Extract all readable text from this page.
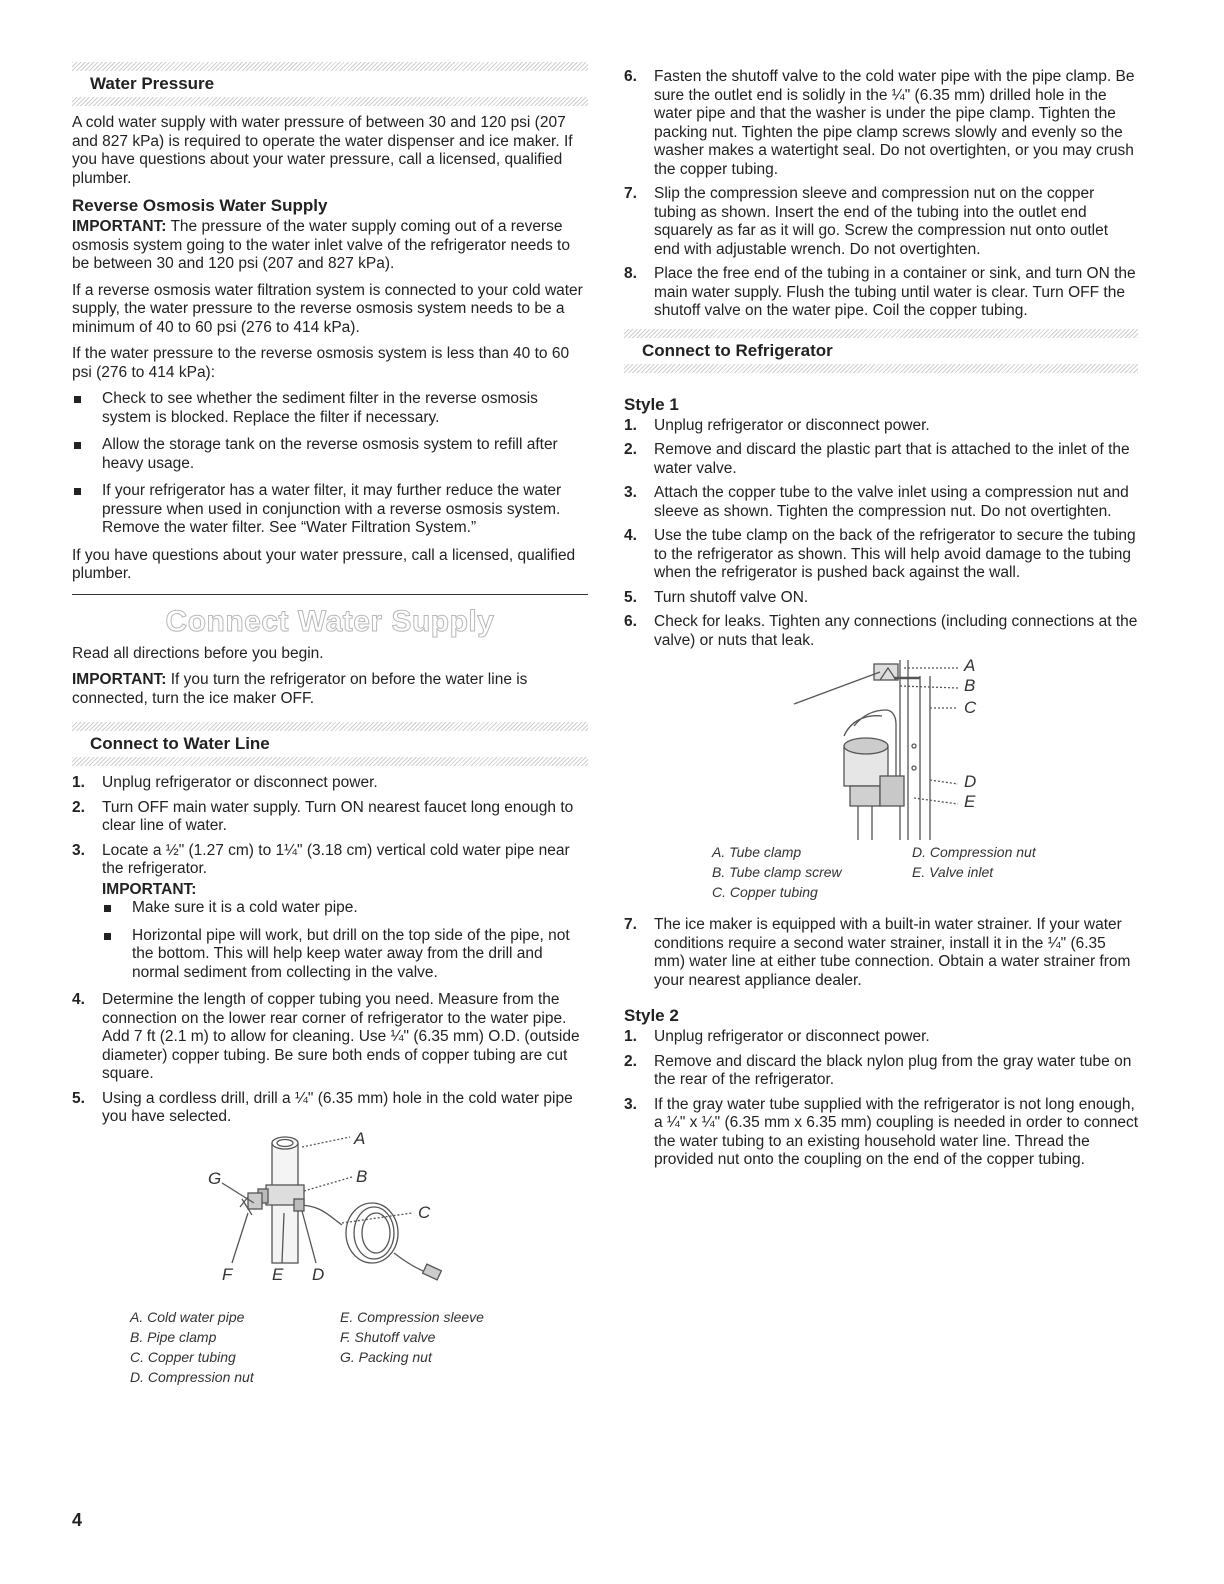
Water Pressure

A cold water supply with water pressure of between 30 and 120 psi (207 and 827 kPa) is required to operate the water dispenser and ice maker. If you have questions about your water pressure, call a licensed, qualified plumber.

Reverse Osmosis Water Supply

IMPORTANT: The pressure of the water supply coming out of a reverse osmosis system going to the water inlet valve of the refrigerator needs to be between 30 and 120 psi (207 and 827 kPa).

If a reverse osmosis water filtration system is connected to your cold water supply, the water pressure to the reverse osmosis system needs to be a minimum of 40 to 60 psi (276 to 414 kPa).

If the water pressure to the reverse osmosis system is less than 40 to 60 psi (276 to 414 kPa):

Check to see whether the sediment filter in the reverse osmosis system is blocked. Replace the filter if necessary.
Allow the storage tank on the reverse osmosis system to refill after heavy usage.
If your refrigerator has a water filter, it may further reduce the water pressure when used in conjunction with a reverse osmosis system. Remove the water filter. See “Water Filtration System.”

If you have questions about your water pressure, call a licensed, qualified plumber.

Connect Water Supply

Read all directions before you begin.

IMPORTANT: If you turn the refrigerator on before the water line is connected, turn the ice maker OFF.

Connect to Water Line
1. Unplug refrigerator or disconnect power.
2. Turn OFF main water supply. Turn ON nearest faucet long enough to clear line of water.
3. Locate a ½" (1.27 cm) to 1¼" (3.18 cm) vertical cold water pipe near the refrigerator.
IMPORTANT:
Make sure it is a cold water pipe.
Horizontal pipe will work, but drill on the top side of the pipe, not the bottom. This will help keep water away from the drill and normal sediment from collecting in the valve.
4. Determine the length of copper tubing you need. Measure from the connection on the lower rear corner of refrigerator to the water pipe. Add 7 ft (2.1 m) to allow for cleaning. Use ¼" (6.35 mm) O.D. (outside diameter) copper tubing. Be sure both ends of copper tubing are cut square.
5. Using a cordless drill, drill a ¼" (6.35 mm) hole in the cold water pipe you have selected.
A
B
C
G
F E D
A. Cold water pipe
B. Pipe clamp
C. Copper tubing
D. Compression nut
E. Compression sleeve
F. Shutoff valve
G. Packing nut
6. Fasten the shutoff valve to the cold water pipe with the pipe clamp. Be sure the outlet end is solidly in the ¼" (6.35 mm) drilled hole in the water pipe and that the washer is under the pipe clamp. Tighten the packing nut. Tighten the pipe clamp screws slowly and evenly so the washer makes a watertight seal. Do not overtighten, or you may crush the copper tubing.
7. Slip the compression sleeve and compression nut on the copper tubing as shown. Insert the end of the tubing into the outlet end squarely as far as it will go. Screw the compression nut onto outlet end with adjustable wrench. Do not overtighten.
8. Place the free end of the tubing in a container or sink, and turn ON the main water supply. Flush the tubing until water is clear. Turn OFF the shutoff valve on the water pipe. Coil the copper tubing.
Connect to Refrigerator
Style 1
1. Unplug refrigerator or disconnect power.
2. Remove and discard the plastic part that is attached to the inlet of the water valve.
3. Attach the copper tube to the valve inlet using a compression nut and sleeve as shown. Tighten the compression nut. Do not overtighten.
4. Use the tube clamp on the back of the refrigerator to secure the tubing to the refrigerator as shown. This will help avoid damage to the tubing when the refrigerator is pushed back against the wall.
5. Turn shutoff valve ON.
6. Check for leaks. Tighten any connections (including connections at the valve) or nuts that leak.
A
B
C
D
E
A. Tube clamp
B. Tube clamp screw
C. Copper tubing
D. Compression nut
E. Valve inlet
7. The ice maker is equipped with a built-in water strainer. If your water conditions require a second water strainer, install it in the ¼" (6.35 mm) water line at either tube connection. Obtain a water strainer from your nearest appliance dealer.
Style 2
1. Unplug refrigerator or disconnect power.
2. Remove and discard the black nylon plug from the gray water tube on the rear of the refrigerator.
3. If the gray water tube supplied with the refrigerator is not long enough, a ¼" x ¼" (6.35 mm x 6.35 mm) coupling is needed in order to connect the water tubing to an existing household water line. Thread the provided nut onto the coupling on the end of the copper tubing.
4
